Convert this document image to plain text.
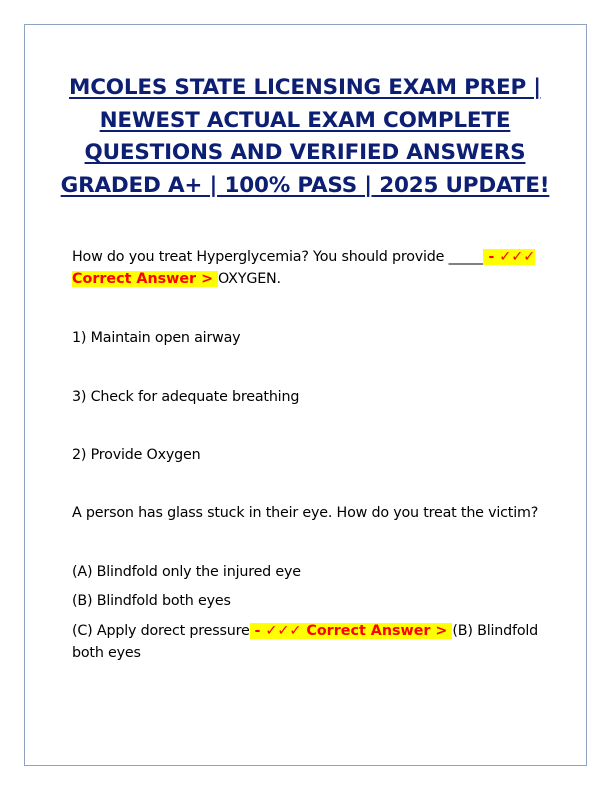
MCOLES STATE LICENSING EXAM PREP | NEWEST ACTUAL EXAM COMPLETE QUESTIONS AND VERIFIED ANSWERS GRADED A+ | 100% PASS | 2025 UPDATE!

How do you treat Hyperglycemia? You should provide _____ - ✓✓✓ Correct Answer > OXYGEN.

1) Maintain open airway

3) Check for adequate breathing

2) Provide Oxygen

A person has glass stuck in their eye. How do you treat the victim?

(A) Blindfold only the injured eye

(B) Blindfold both eyes

(C) Apply dorect pressure - ✓✓✓ Correct Answer > (B) Blindfold both eyes
